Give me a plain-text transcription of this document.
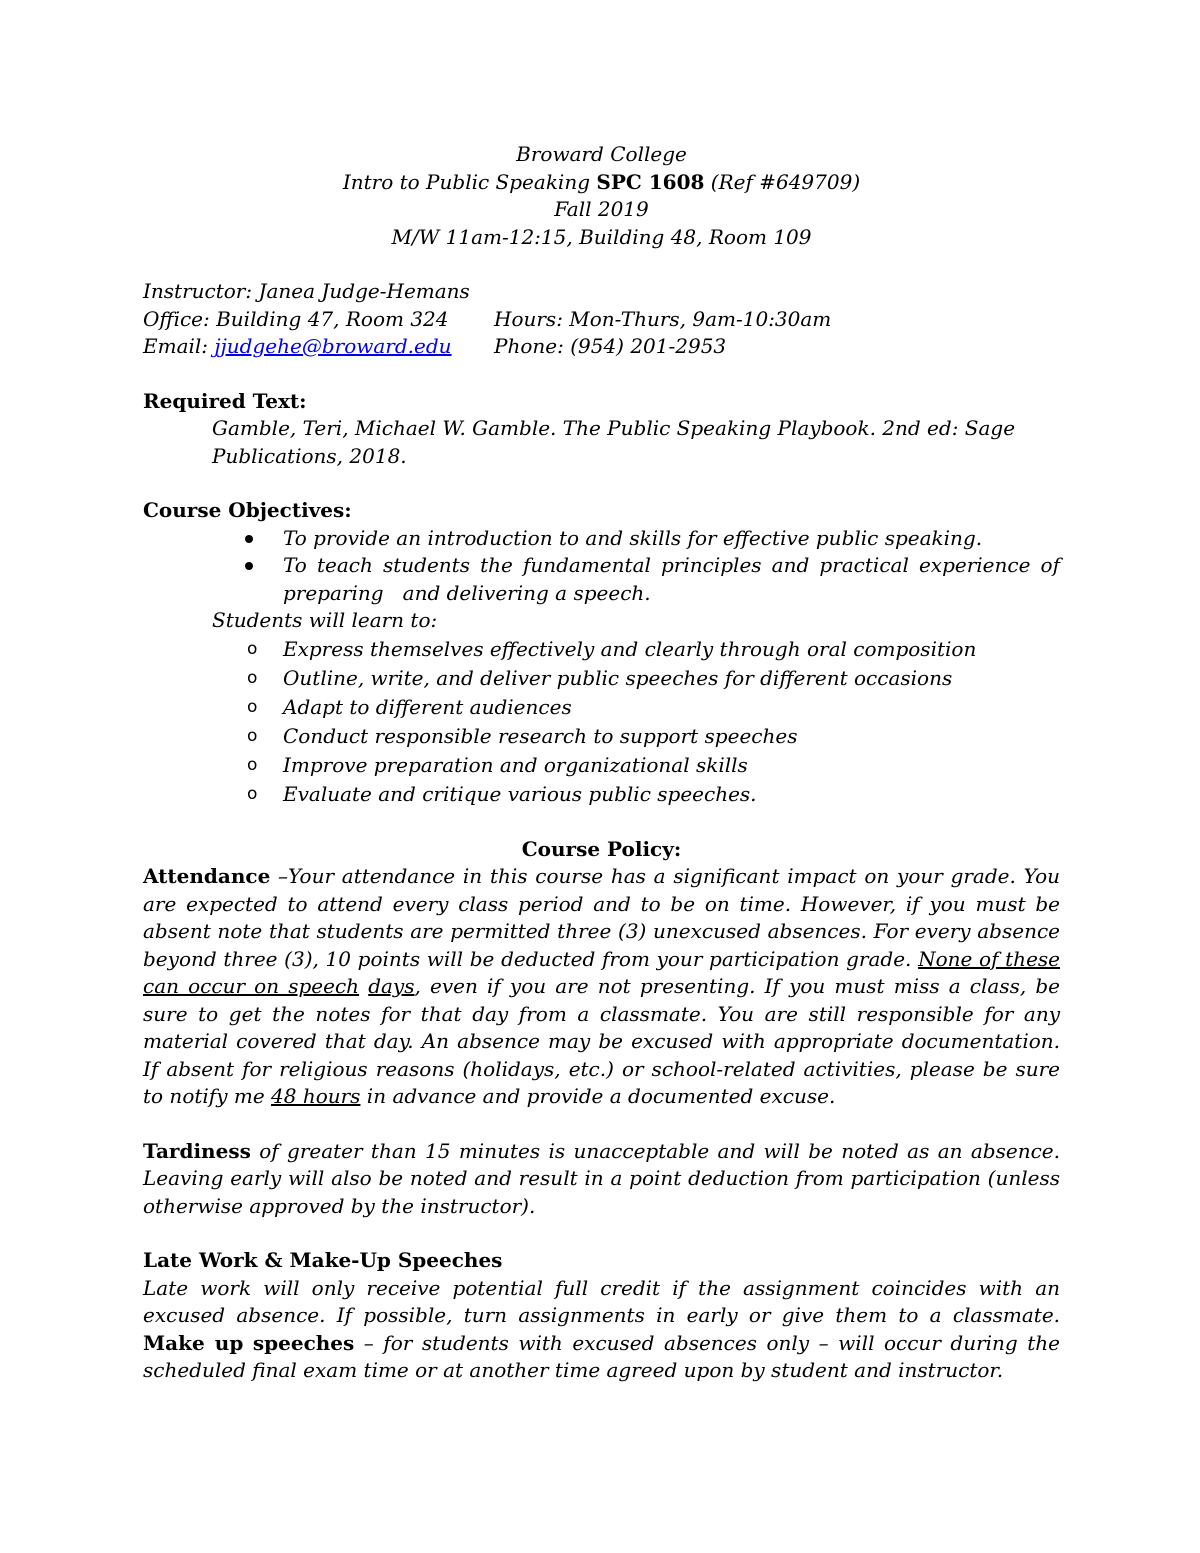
Broward College
Intro to Public Speaking SPC 1608 (Ref #649709)
Fall 2019
M/W 11am-12:15, Building 48, Room 109
Instructor: Janea Judge-Hemans
Office: Building 47, Room 324 Hours: Mon-Thurs, 9am-10:30am
Email: jjudgehe@broward.edu Phone: (954) 201-2953
Required Text:
Gamble, Teri, Michael W. Gamble. The Public Speaking Playbook. 2nd ed: Sage
Publications, 2018.
Course Objectives:
To provide an introduction to and skills for effective public speaking.
To teach students the fundamental principles and practical experience of
preparing   and delivering a speech.
Students will learn to:
o Express themselves effectively and clearly through oral composition
o Outline, write, and deliver public speeches for different occasions
o Adapt to different audiences
o Conduct responsible research to support speeches
o Improve preparation and organizational skills
o Evaluate and critique various public speeches.
Course Policy:
Attendance –Your attendance in this course has a significant impact on your grade. You are expected to attend every class period and to be on time. However, if you must be absent note that students are permitted three (3) unexcused absences. For every absence beyond three (3), 10 points will be deducted from your participation grade. None of these can occur on speech days, even if you are not presenting. If you must miss a class, be sure to get the notes for that day from a classmate. You are still responsible for any material covered that day. An absence may be excused with appropriate documentation. If absent for religious reasons (holidays, etc.) or school-related activities, please be sure to notify me 48 hours in advance and provide a documented excuse.
Tardiness of greater than 15 minutes is unacceptable and will be noted as an absence. Leaving early will also be noted and result in a point deduction from participation (unless otherwise approved by the instructor).
Late Work & Make-Up Speeches
Late work will only receive potential full credit if the assignment coincides with an excused absence. If possible, turn assignments in early or give them to a classmate. Make up speeches – for students with excused absences only – will occur during the scheduled final exam time or at another time agreed upon by student and instructor.
